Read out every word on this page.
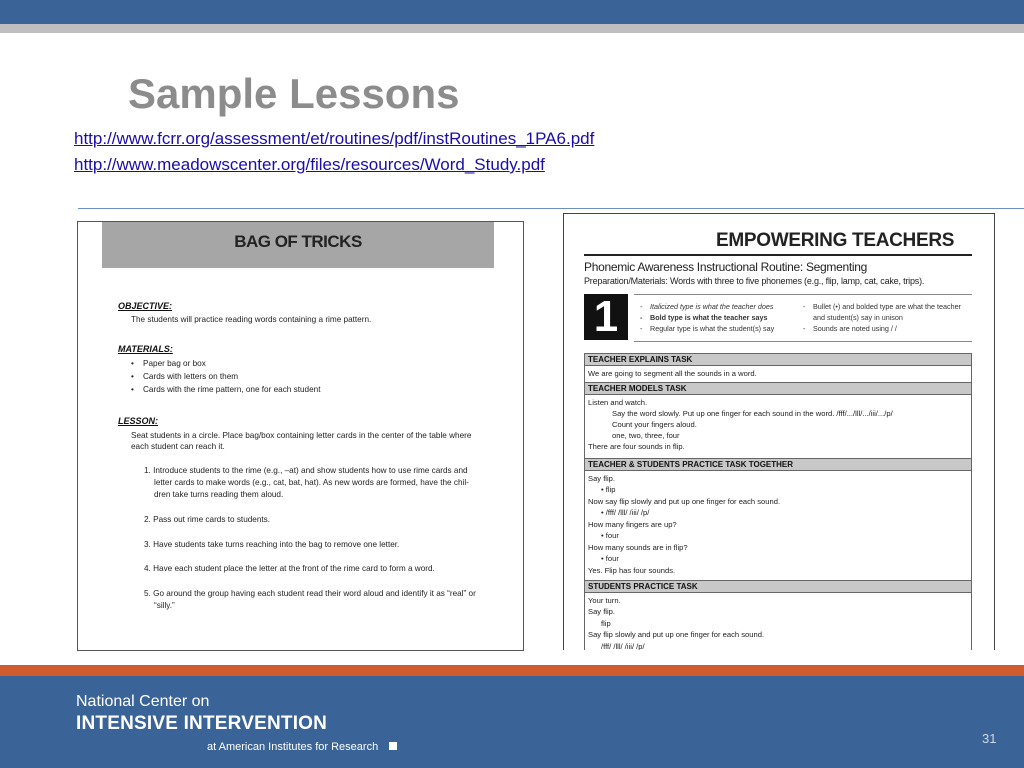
Sample Lessons
http://www.fcrr.org/assessment/et/routines/pdf/instRoutines_1PA6.pdf
http://www.meadowscenter.org/files/resources/Word_Study.pdf
BAG OF TRICKS
OBJECTIVE:
The students will practice reading words containing a rime pattern.
MATERIALS:
• Paper bag or box
• Cards with letters on them
• Cards with the rime pattern, one for each student
LESSON:
Seat students in a circle. Place bag/box containing letter cards in the center of the table where
each student can reach it.
1. Introduce students to the rime (e.g., –at) and show students how to use rime cards and
letter cards to make words (e.g., cat, bat, hat). As new words are formed, have the chil-
dren take turns reading them aloud.
2. Pass out rime cards to students.
3. Have students take turns reaching into the bag to remove one letter.
4. Have each student place the letter at the front of the rime card to form a word.
5. Go around the group having each student read their word aloud and identify it as “real” or
“silly.”
EMPOWERING TEACHERS
Phonemic Awareness Instructional Routine: Segmenting
Preparation/Materials: Words with three to five phonemes (e.g., flip, lamp, cat, cake, trips).
1
-	Italicized type is what the teacher does
- Bold type is what the teacher says
- Regular type is what the student(s) say
- Bullet (•) and bolded type are what the teacher
and student(s) say in unison
- Sounds are noted using / /
TEACHER EXPLAINS TASK
We are going to segment all the sounds in a word.
TEACHER MODELS TASK
Listen and watch.
Say the word slowly. Put up one finger for each sound in the word. /fff/.../lll/.../iii/.../p/
Count your fingers aloud.
one, two, three, four
There are four sounds in flip.
TEACHER & STUDENTS PRACTICE TASK TOGETHER
Say flip.
• flip
Now say flip slowly and put up one finger for each sound.
• /fff/ /lll/ /iii/ /p/
How many fingers are up?
• four
How many sounds are in flip?
• four
Yes. Flip has four sounds.
STUDENTS PRACTICE TASK
Your turn.
Say flip.
flip
Say flip slowly and put up one finger for each sound.
/fff/ /lll/ /iii/ /p/
National Center on
INTENSIVE INTERVENTION
at American Institutes for Research
31
